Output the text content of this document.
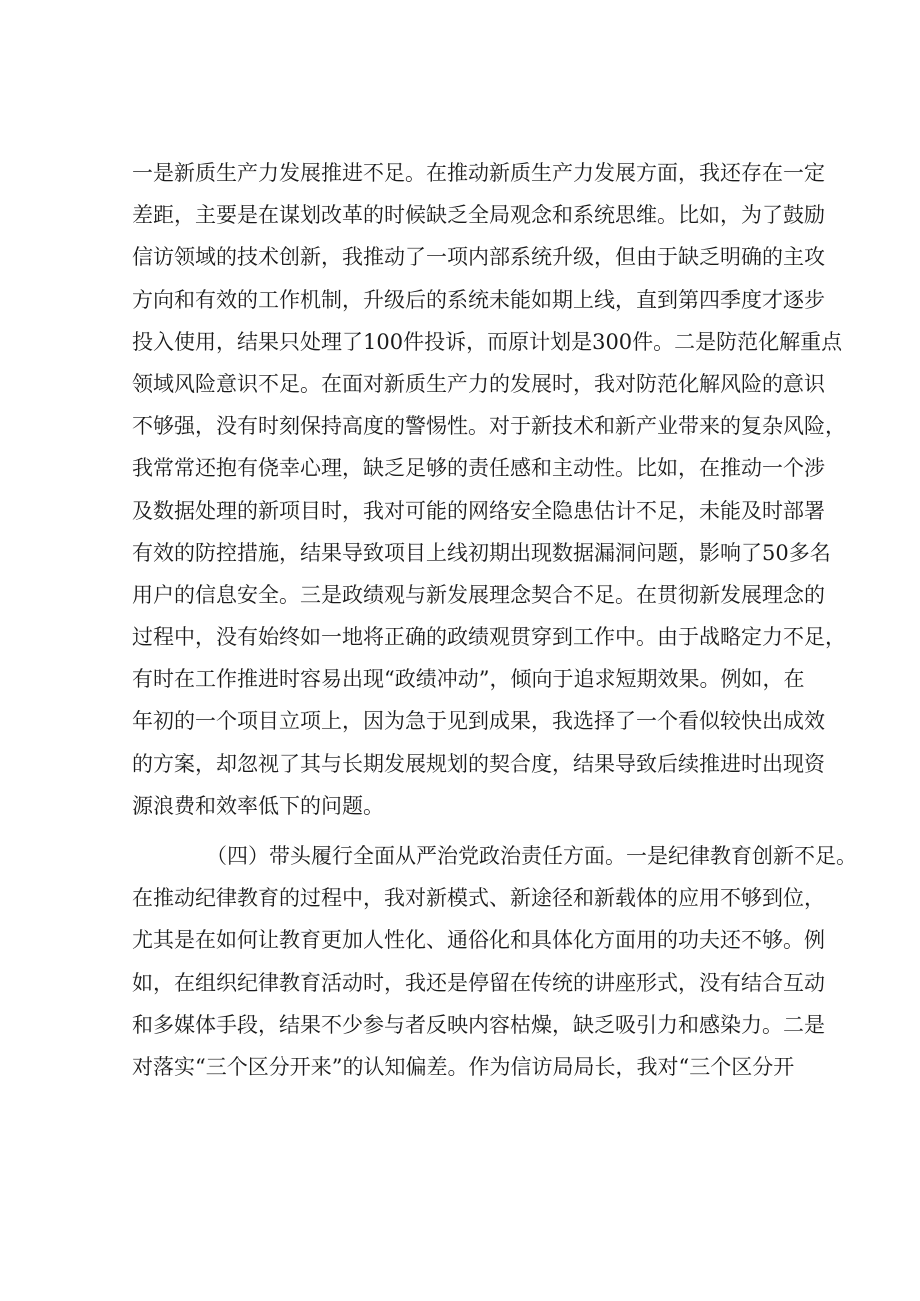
一是新质生产力发展推进不足。在推动新质生产力发展方面，我还存在一定
差距，主要是在谋划改革的时候缺乏全局观念和系统思维。比如，为了鼓励
信访领域的技术创新，我推动了一项内部系统升级，但由于缺乏明确的主攻
方向和有效的工作机制，升级后的系统未能如期上线，直到第四季度才逐步
投入使用，结果只处理了100件投诉，而原计划是300件。二是防范化解重点
领域风险意识不足。在面对新质生产力的发展时，我对防范化解风险的意识
不够强，没有时刻保持高度的警惕性。对于新技术和新产业带来的复杂风险，
我常常还抱有侥幸心理，缺乏足够的责任感和主动性。比如，在推动一个涉
及数据处理的新项目时，我对可能的网络安全隐患估计不足，未能及时部署
有效的防控措施，结果导致项目上线初期出现数据漏洞问题，影响了50多名
用户的信息安全。三是政绩观与新发展理念契合不足。在贯彻新发展理念的
过程中，没有始终如一地将正确的政绩观贯穿到工作中。由于战略定力不足，
有时在工作推进时容易出现“政绩冲动”，倾向于追求短期效果。例如，在
年初的一个项目立项上，因为急于见到成果，我选择了一个看似较快出成效
的方案，却忽视了其与长期发展规划的契合度，结果导致后续推进时出现资
源浪费和效率低下的问题。
（四）带头履行全面从严治党政治责任方面。一是纪律教育创新不足。
在推动纪律教育的过程中，我对新模式、新途径和新载体的应用不够到位，
尤其是在如何让教育更加人性化、通俗化和具体化方面用的功夫还不够。例
如，在组织纪律教育活动时，我还是停留在传统的讲座形式，没有结合互动
和多媒体手段，结果不少参与者反映内容枯燥，缺乏吸引力和感染力。二是
对落实“三个区分开来”的认知偏差。作为信访局局长，我对“三个区分开
